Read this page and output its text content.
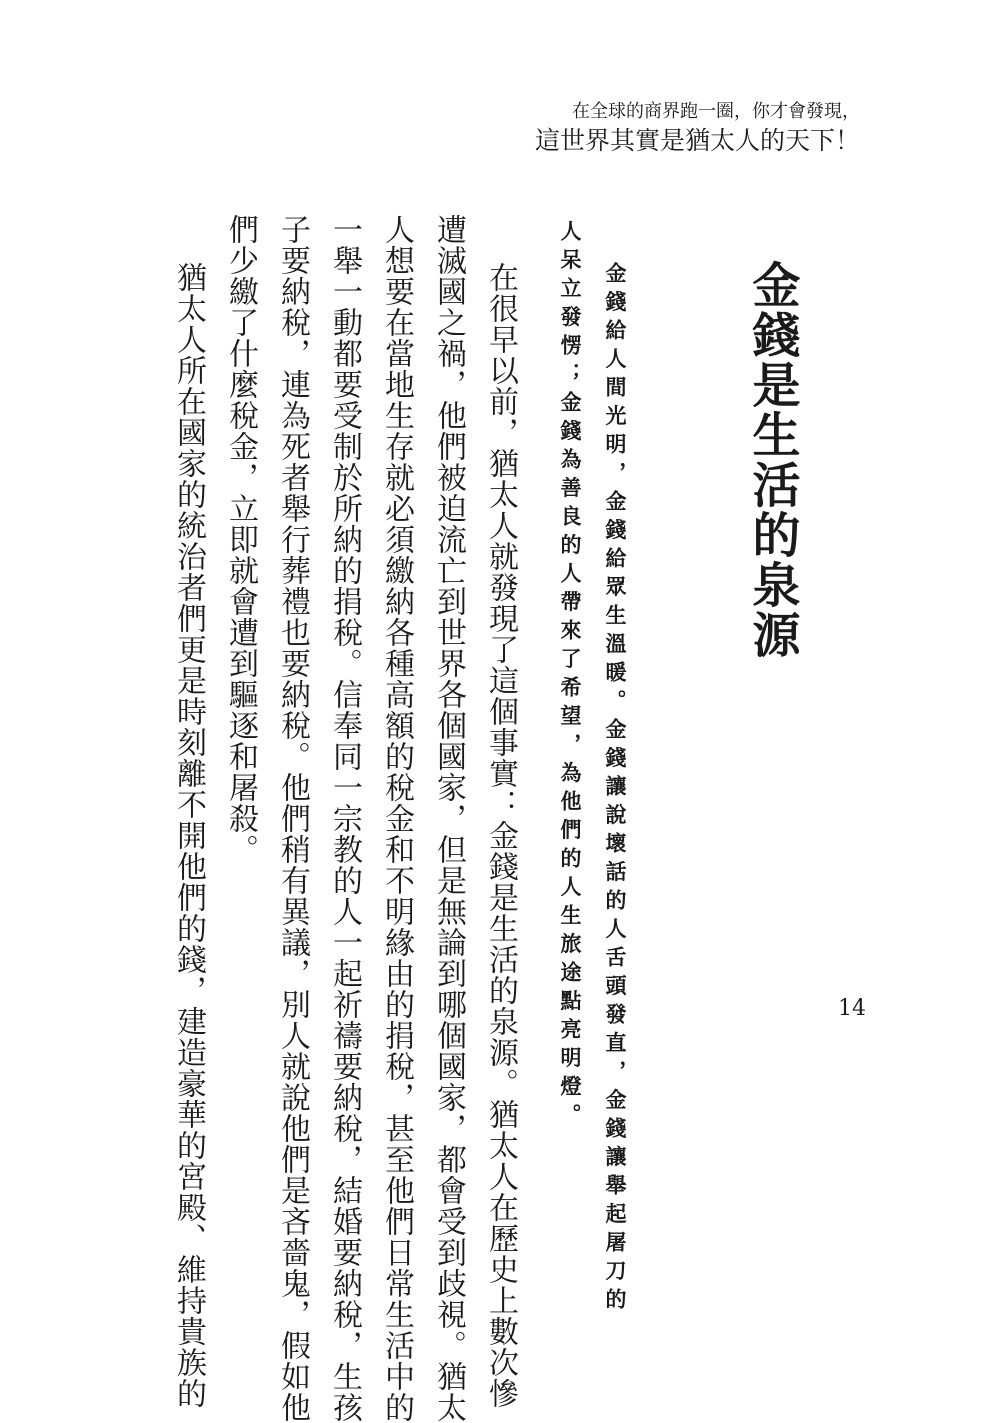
在全球的商界跑一圈，你才會發現，
這世界其實是猶太人的天下！
金錢是生活的泉源
金錢給人間光明，金錢給眾生溫暖。金錢讓說壞話的人舌頭發直，金錢讓舉起屠刀的
人呆立發愣；金錢為善良的人帶來了希望，為他們的人生旅途點亮明燈。
在很早以前，猶太人就發現了這個事實：金錢是生活的泉源。猶太人在歷史上數次慘
遭滅國之禍，他們被迫流亡到世界各個國家，但是無論到哪個國家，都會受到歧視。猶太
人想要在當地生存就必須繳納各種高額的稅金和不明緣由的捐稅，甚至他們日常生活中的
一舉一動都要受制於所納的捐稅。信奉同一宗教的人一起祈禱要納稅，結婚要納稅，生孩
子要納稅，連為死者舉行葬禮也要納稅。他們稍有異議，別人就說他們是吝嗇鬼，假如他
們少繳了什麼稅金，立即就會遭到驅逐和屠殺。
猶太人所在國家的統治者們更是時刻離不開他們的錢，建造豪華的宮殿、維持貴族的	14
